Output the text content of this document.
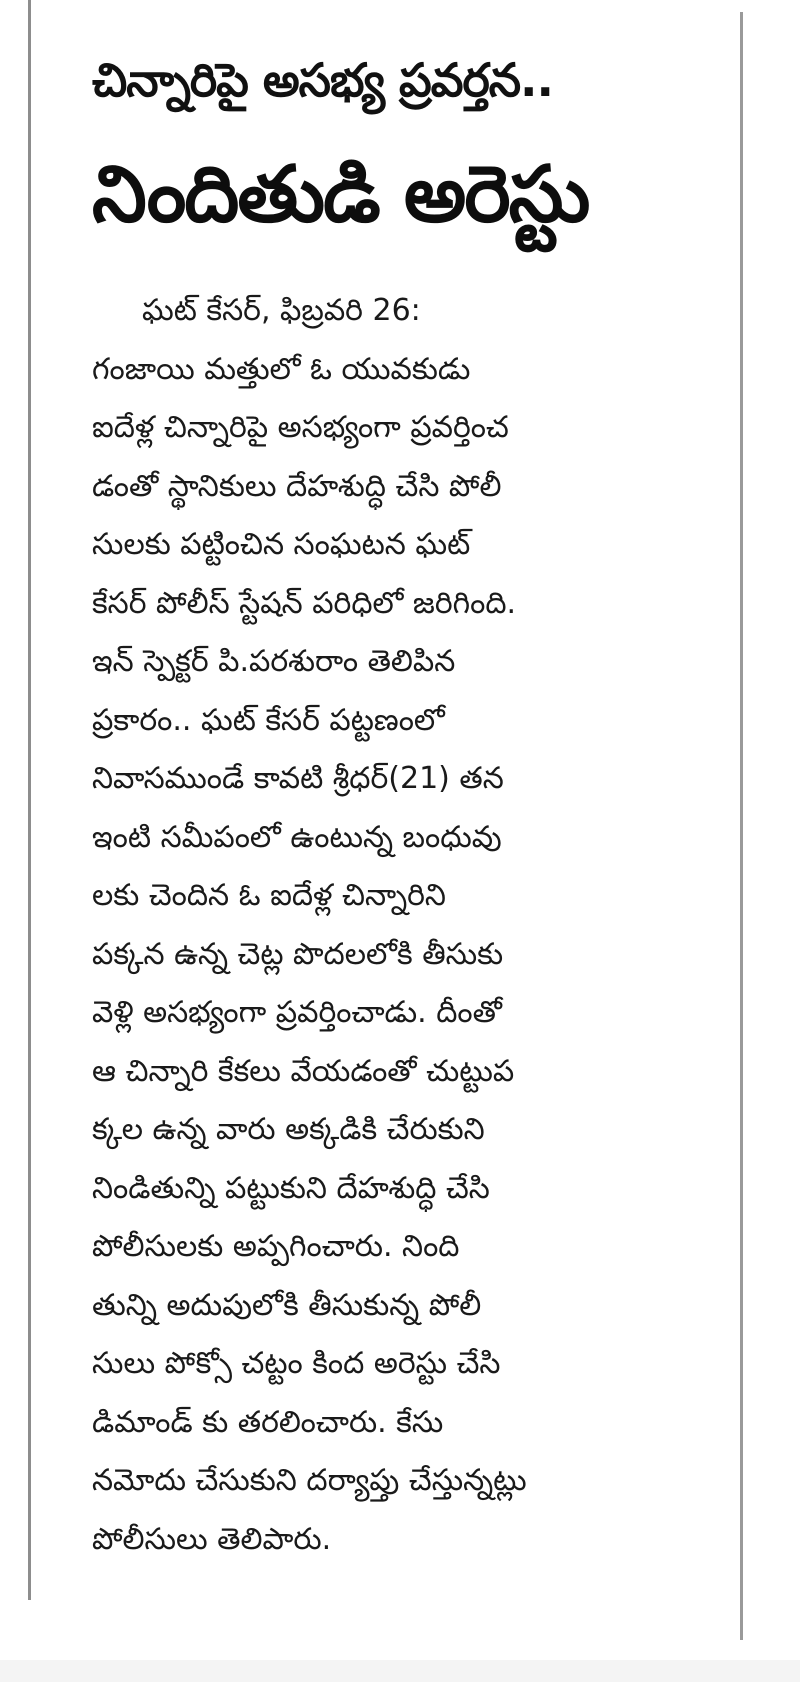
చిన్నారిపై అసభ్య ప్రవర్తన..
నిందితుడి అరెస్టు
ఘట్ కేసర్, ఫిబ్రవరి 26:
గంజాయి మత్తులో ఓ యువకుడు
ఐదేళ్ల చిన్నారిపై అసభ్యంగా ప్రవర్తించ
డంతో స్థానికులు దేహశుద్ధి చేసి పోలీ
సులకు పట్టించిన సంఘటన ఘట్
కేసర్ పోలీస్ స్టేషన్ పరిధిలో జరిగింది.
ఇన్ స్పెక్టర్ పి.పరశురాం తెలిపిన
ప్రకారం.. ఘట్ కేసర్ పట్టణంలో
నివాసముండే కావటి శ్రీధర్(21) తన
ఇంటి సమీపంలో ఉంటున్న బంధువు
లకు చెందిన ఓ ఐదేళ్ల చిన్నారిని
పక్కన ఉన్న చెట్ల పొదలలోకి తీసుకు
వెళ్లి అసభ్యంగా ప్రవర్తించాడు. దీంతో
ఆ చిన్నారి కేకలు వేయడంతో చుట్టుప
క్కల ఉన్న వారు అక్కడికి చేరుకుని
నిండితున్ని పట్టుకుని దేహశుద్ధి చేసి
పోలీసులకు అప్పగించారు. నింది
తున్ని అదుపులోకి తీసుకున్న పోలీ
సులు పోక్సో చట్టం కింద అరెస్టు చేసి
డిమాండ్ కు తరలించారు. కేసు
నమోదు చేసుకుని దర్యాప్తు చేస్తున్నట్లు
పోలీసులు తెలిపారు.
